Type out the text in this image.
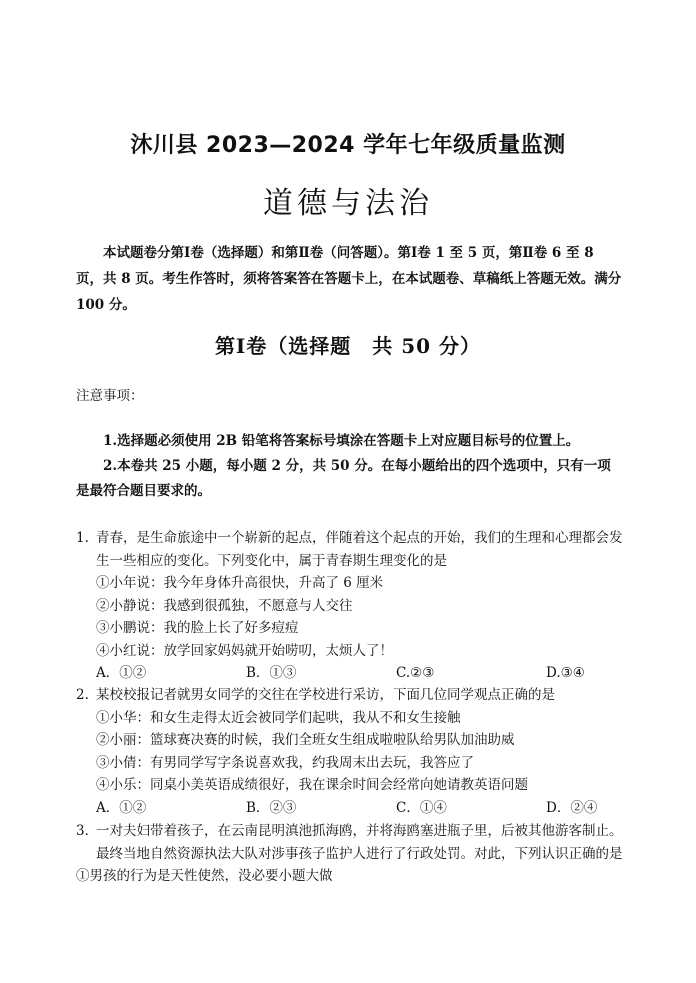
沐川县 2023—2024 学年七年级质量监测
道德与法治

本试题卷分第Ⅰ卷（选择题）和第Ⅱ卷（问答题）。第Ⅰ卷 1 至 5 页，第Ⅱ卷 6 至 8 页，共 8 页。考生作答时，须将答案答在答题卡上，在本试题卷、草稿纸上答题无效。满分 100 分。

第Ⅰ卷（选择题　共 50 分）
注意事项：

1.选择题必须使用 2B 铅笔将答案标号填涂在答题卡上对应题目标号的位置上。

2.本卷共 25 小题，每小题 2 分，共 50 分。在每小题给出的四个选项中，只有一项是最符合题目要求的。

1. 青春，是生命旅途中一个崭新的起点，伴随着这个起点的开始，我们的生理和心理都会发生一些相应的变化。下列变化中，属于青春期生理变化的是

①小年说：我今年身体升高很快，升高了 6 厘米

②小静说：我感到很孤独，不愿意与人交往

③小鹏说：我的脸上长了好多痘痘

④小红说：放学回家妈妈就开始唠叨，太烦人了！

A．①②	B．①③	C.②③	D.③④

2. 某校校报记者就男女同学的交往在学校进行采访，下面几位同学观点正确的是

①小华：和女生走得太近会被同学们起哄，我从不和女生接触

②小丽：篮球赛决赛的时候，我们全班女生组成啦啦队给男队加油助威

③小倩：有男同学写字条说喜欢我，约我周末出去玩，我答应了

④小乐：同桌小美英语成绩很好，我在课余时间会经常向她请教英语问题

A．①②	B．②③	C．①④	D．②④

3．一对夫妇带着孩子，在云南昆明滇池抓海鸥，并将海鸥塞进瓶子里，后被其他游客制止。最终当地自然资源执法大队对涉事孩子监护人进行了行政处罚。对此，下列认识正确的是

①男孩的行为是天性使然，没必要小题大做
